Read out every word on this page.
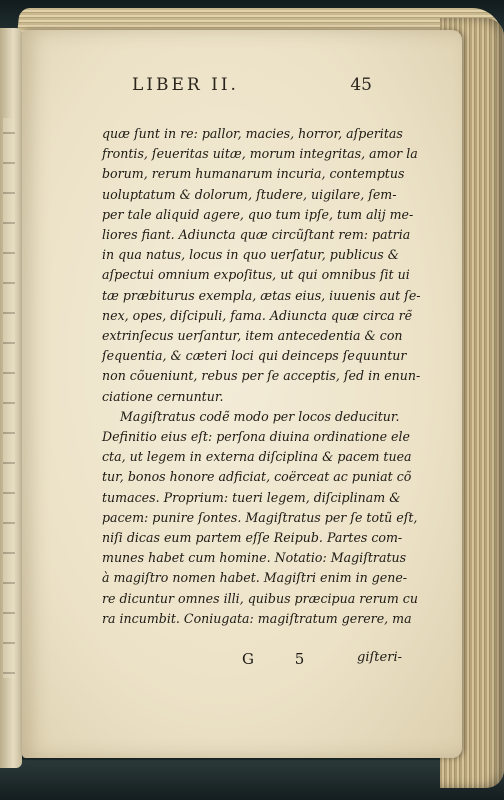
LIBER II.	45
quæ ſunt in re: pallor, macies, horror, aſperitas
frontis, ſeueritas uitæ, morum integritas, amor la
borum, rerum humanarum incuria, contemptus
uoluptatum & dolorum, ſtudere, uigilare, ſem-
per tale aliquid agere, quo tum ipſe, tum alij me-
liores fiant. Adiuncta quæ circũſtant rem: patria
in qua natus, locus in quo uerſatur, publicus &
aſpectui omnium expoſitus, ut qui omnibus ſit ui
tæ præbiturus exempla, ætas eius, iuuenis aut ſe-
nex, opes, diſcipuli, fama. Adiuncta quæ circa rẽ
extrinſecus uerſantur, item antecedentia & con
ſequentia, & cæteri loci qui deinceps ſequuntur
non cõueniunt, rebus per ſe acceptis, ſed in enun-
ciatione cernuntur.
Magiſtratus codẽ modo per locos deducitur.
Definitio eius eſt: perſona diuina ordinatione ele
cta, ut legem in externa diſciplina & pacem tuea
tur, bonos honore adficiat, coërceat ac puniat cõ
tumaces. Proprium: tueri legem, diſciplinam &
pacem: punire ſontes. Magiſtratus per ſe totũ eſt,
niſi dicas eum partem eſſe Reipub. Partes com-
munes habet cum homine. Notatio: Magiſtratus
à magiſtro nomen habet. Magiſtri enim in gene-
re dicuntur omnes illi, quibus præcipua rerum cu
ra incumbit. Coniugata: magiſtratum gerere, ma
G 5	giſteri-
